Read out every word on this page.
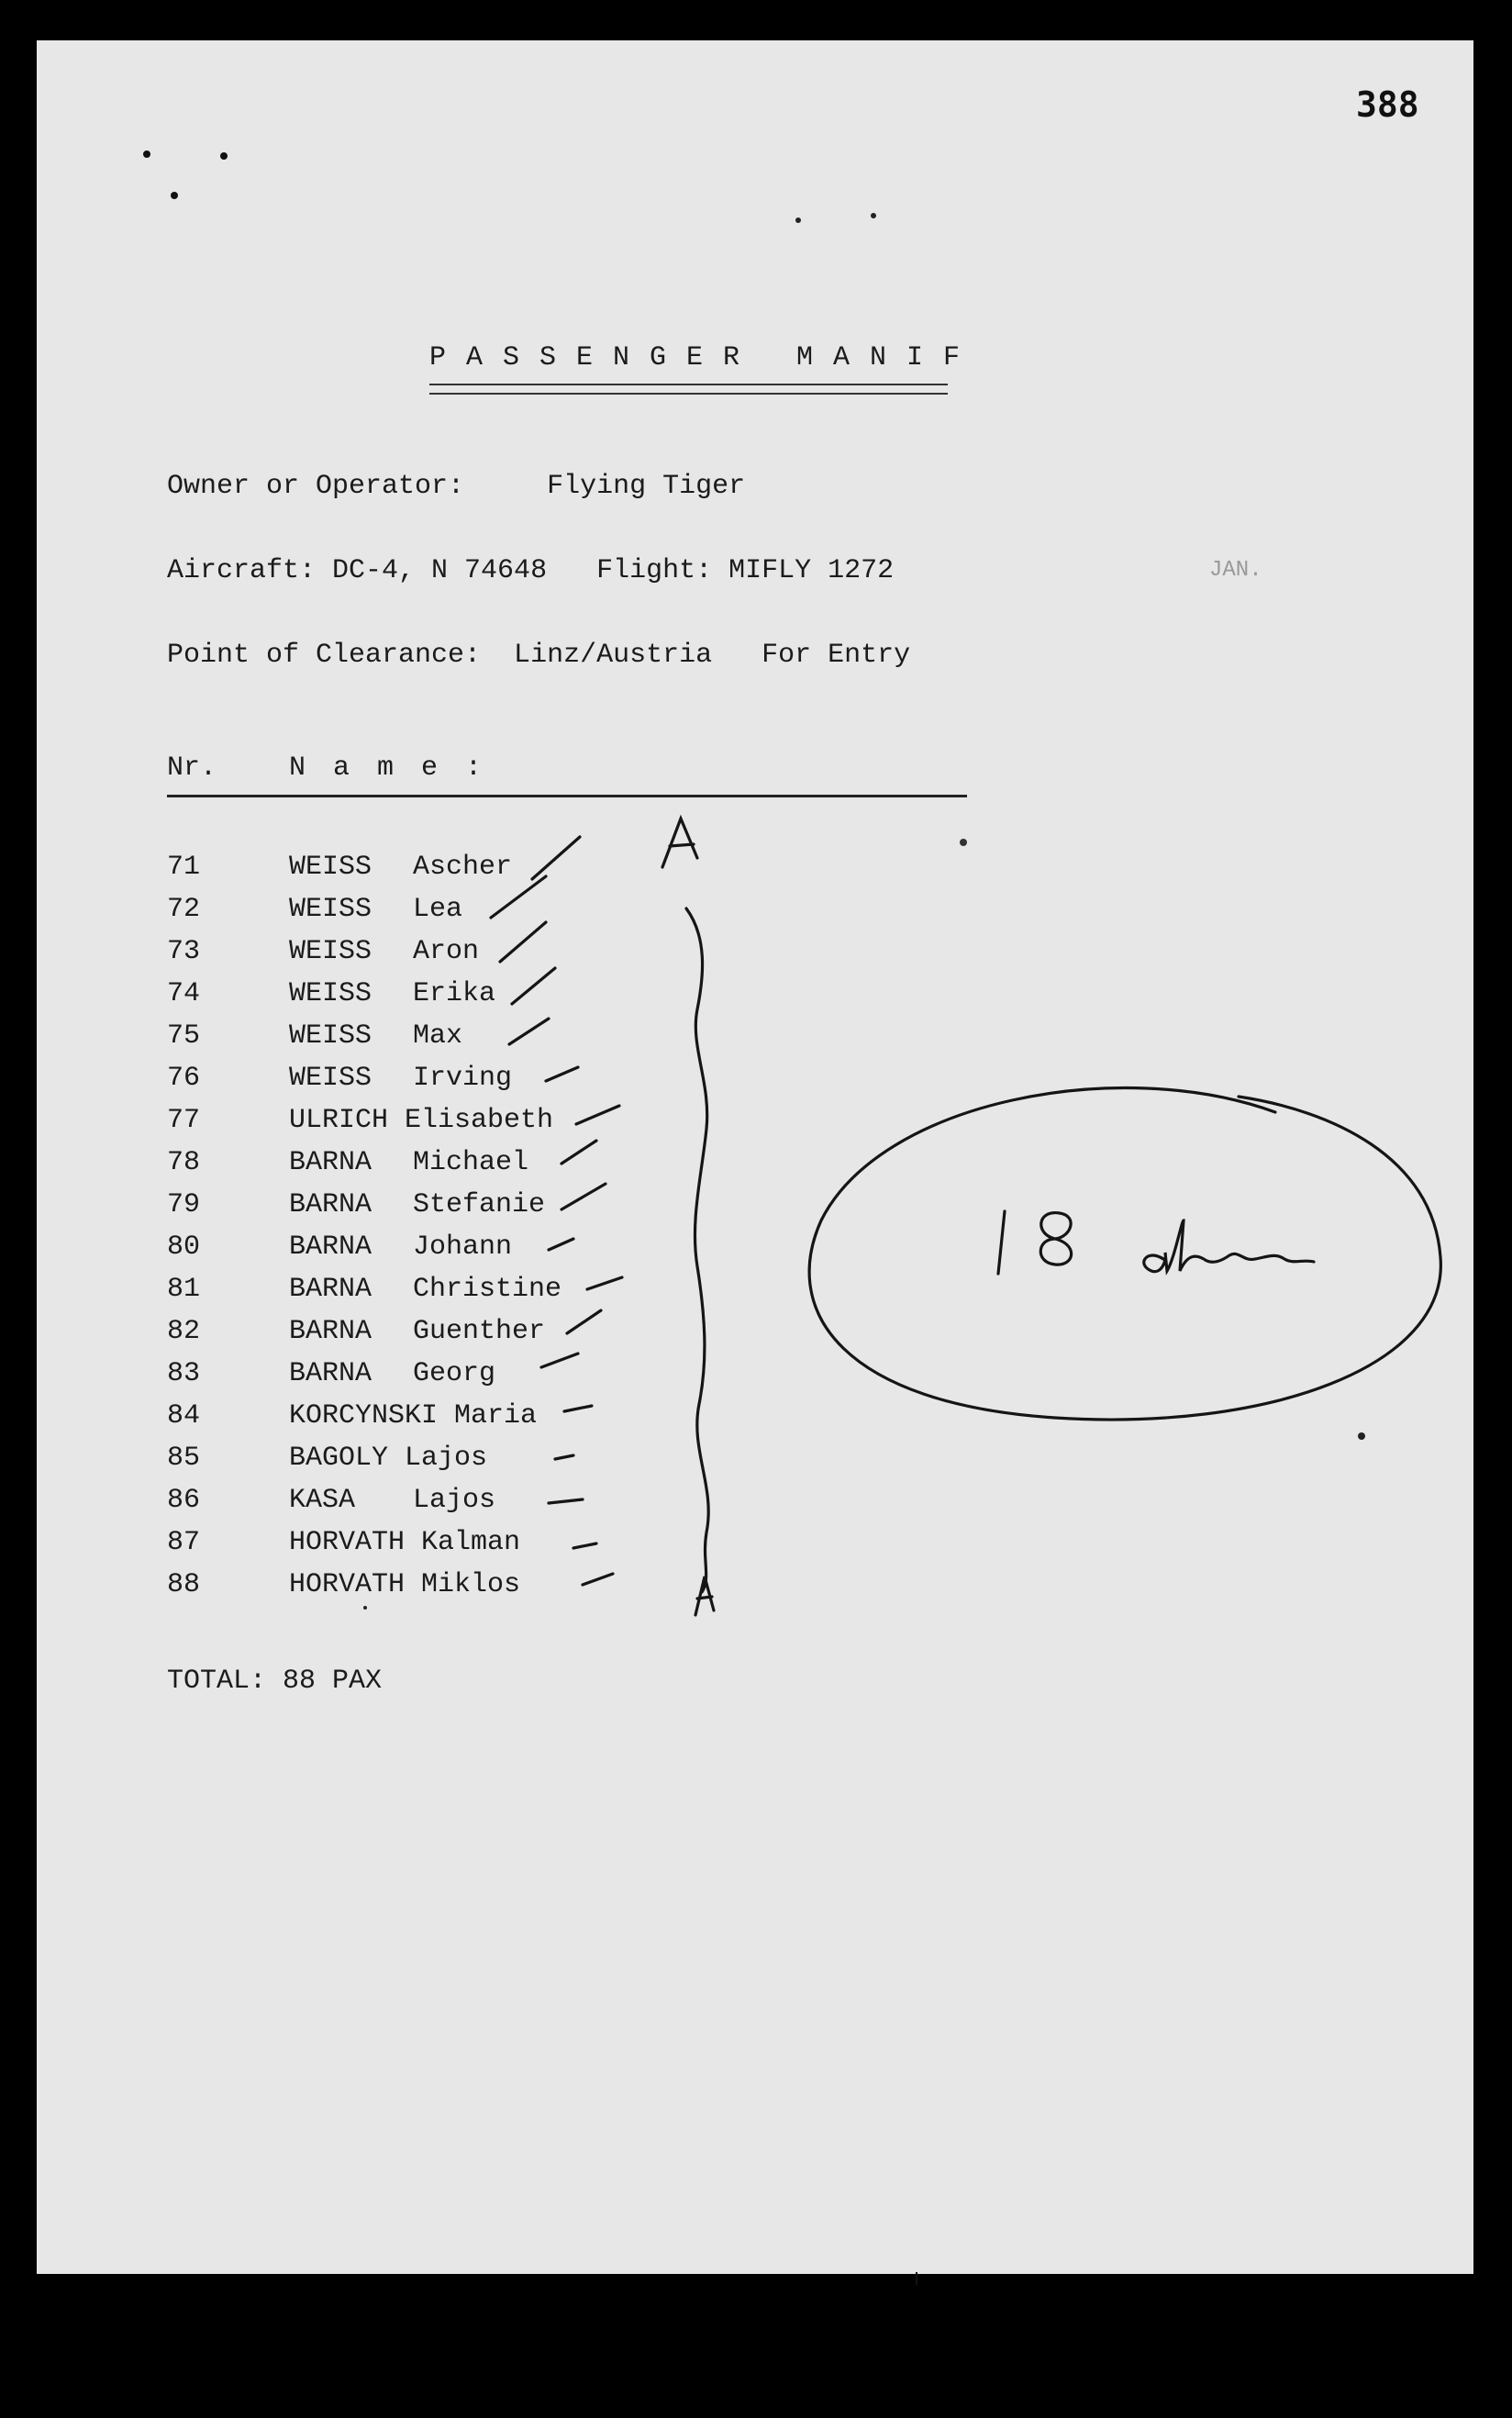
388
PASSENGER MANIF
Owner or Operator:     Flying Tiger
Aircraft: DC-4, N 74648   Flight: MIFLY 1272	JAN.
Point of Clearance:  Linz/Austria   For Entry
Nr.	N a m e :
71	WEISS Ascher
72	WEISS Lea
73	WEISS Aron
74	WEISS Erika
75	WEISS Max
76	WEISS Irving
77	ULRICH Elisabeth
78	BARNA Michael
79	BARNA Stefanie
80	BARNA Johann
81	BARNA Christine
82	BARNA Guenther
83	BARNA Georg
84	KORCYNSKI Maria
85	BAGOLY Lajos
86	KASA Lajos
87	HORVATH Kalman
88	HORVATH Miklos
TOTAL: 88 PAX
